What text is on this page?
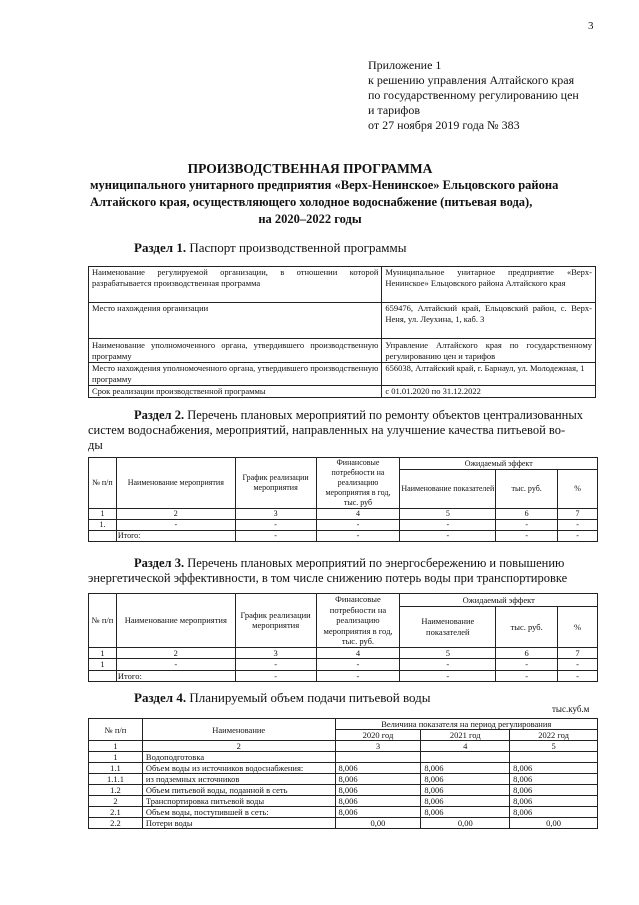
3
Приложение 1
к решению управления Алтайского края
по государственному регулированию цен
и тарифов
от 27 ноября 2019 года № 383
ПРОИЗВОДСТВЕННАЯ ПРОГРАММА
муниципального унитарного предприятия «Верх-Ненинское» Ельцовского района
Алтайского края, осуществляющего холодное водоснабжение (питьевая вода),
на 2020–2022 годы
Раздел 1. Паспорт производственной программы
Наименование регулируемой организации, в отношении которой разрабатывается производственная программа	Муниципальное унитарное предприятие «Верх-Ненинское» Ельцовского района Алтайского края
Место нахождения организации	659476, Алтайский край, Ельцовский район, с. Верх-Неня, ул. Леухина, 1, каб. 3
Наименование уполномоченного органа, утвердившего производственную программу	Управление Алтайского края по государственному регулированию цен и тарифов
Место нахождения уполномоченного органа, утвердившего производственную программу	656038, Алтайский край, г. Барнаул, ул. Молодежная, 1
Срок реализации производственной программы	с 01.01.2020 по 31.12.2022
Раздел 2. Перечень плановых мероприятий по ремонту объектов централизованных
систем водоснабжения, мероприятий, направленных на улучшение качества питьевой во-
ды
№ п/п	Наименование мероприятия	График реализации мероприятия	Финансовые потребности на реализацию мероприятия в год, тыс. руб	Ожидаемый эффект		
				Наименование показателей	тыс. руб.	%
1	2	3	4	5	6	7
1.	-	-	-	-	-	-
	Итого:	-	-	-	-	-
Раздел 3. Перечень плановых мероприятий по энергосбережению и повышению
энергетической эффективности, в том числе снижению потерь воды при транспортировке
№ п/п	Наименование мероприятия	График реализации мероприятия	Финансовые потребности на реализацию мероприятия в год, тыс. руб.	Ожидаемый эффект		
				Наименование показателей	тыс. руб.	%
1	2	3	4	5	6	7
1	-	-	-	-	-	-
	Итого:	-	-	-	-	-
Раздел 4. Планируемый объем подачи питьевой воды
тыс.куб.м
№ п/п	Наименование	Величина показателя на период регулирования		
		2020 год	2021 год	2022 год
1	2	3	4	5
1	Водоподготовка			
1.1	Объем воды из источников водоснабжения:	8,006	8,006	8,006
1.1.1	из подземных источников	8,006	8,006	8,006
1.2	Объем питьевой воды, поданной в сеть	8,006	8,006	8,006
2	Транспортировка питьевой воды	8,006	8,006	8,006
2.1	Объем воды, поступившей в сеть:	8,006	8,006	8,006
2.2	Потери воды	0,00	0,00	0,00
